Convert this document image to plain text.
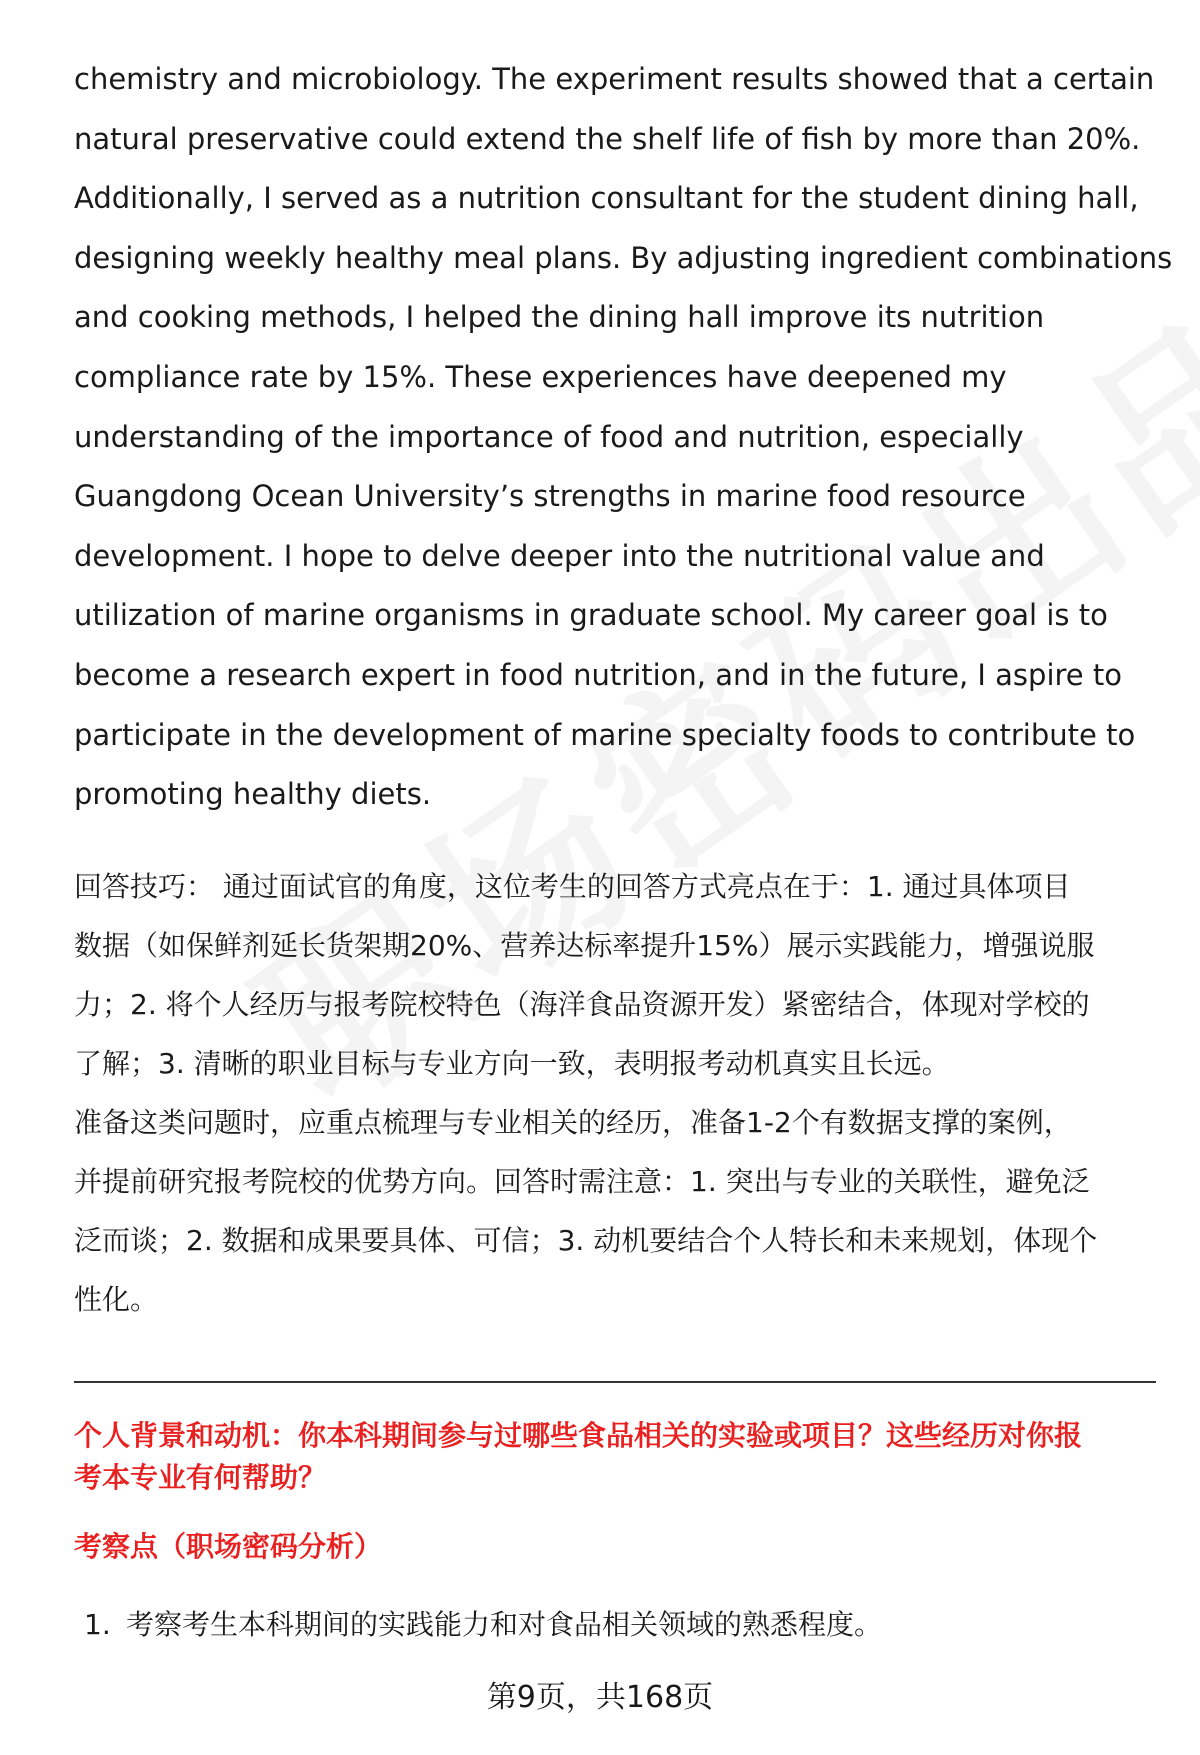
chemistry and microbiology. The experiment results showed that a certain
natural preservative could extend the shelf life of fish by more than 20%.
Additionally, I served as a nutrition consultant for the student dining hall,
designing weekly healthy meal plans. By adjusting ingredient combinations
and cooking methods, I helped the dining hall improve its nutrition
compliance rate by 15%. These experiences have deepened my
understanding of the importance of food and nutrition, especially
Guangdong Ocean University’s strengths in marine food resource
development. I hope to delve deeper into the nutritional value and
utilization of marine organisms in graduate school. My career goal is to
become a research expert in food nutrition, and in the future, I aspire to
participate in the development of marine specialty foods to contribute to
promoting healthy diets.
回答技巧： 通过面试官的角度，这位考生的回答方式亮点在于：1. 通过具体项目
数据（如保鲜剂延长货架期20%、营养达标率提升15%）展示实践能力，增强说服
力；2. 将个人经历与报考院校特色（海洋食品资源开发）紧密结合，体现对学校的
了解；3. 清晰的职业目标与专业方向一致，表明报考动机真实且长远。
准备这类问题时，应重点梳理与专业相关的经历，准备1-2个有数据支撑的案例，
并提前研究报考院校的优势方向。回答时需注意：1. 突出与专业的关联性，避免泛
泛而谈；2. 数据和成果要具体、可信；3. 动机要结合个人特长和未来规划，体现个
性化。
个人背景和动机：你本科期间参与过哪些食品相关的实验或项目？这些经历对你报
考本专业有何帮助？
考察点（职场密码分析）
1. 考察考生本科期间的实践能力和对食品相关领域的熟悉程度。
第9页，共168页
